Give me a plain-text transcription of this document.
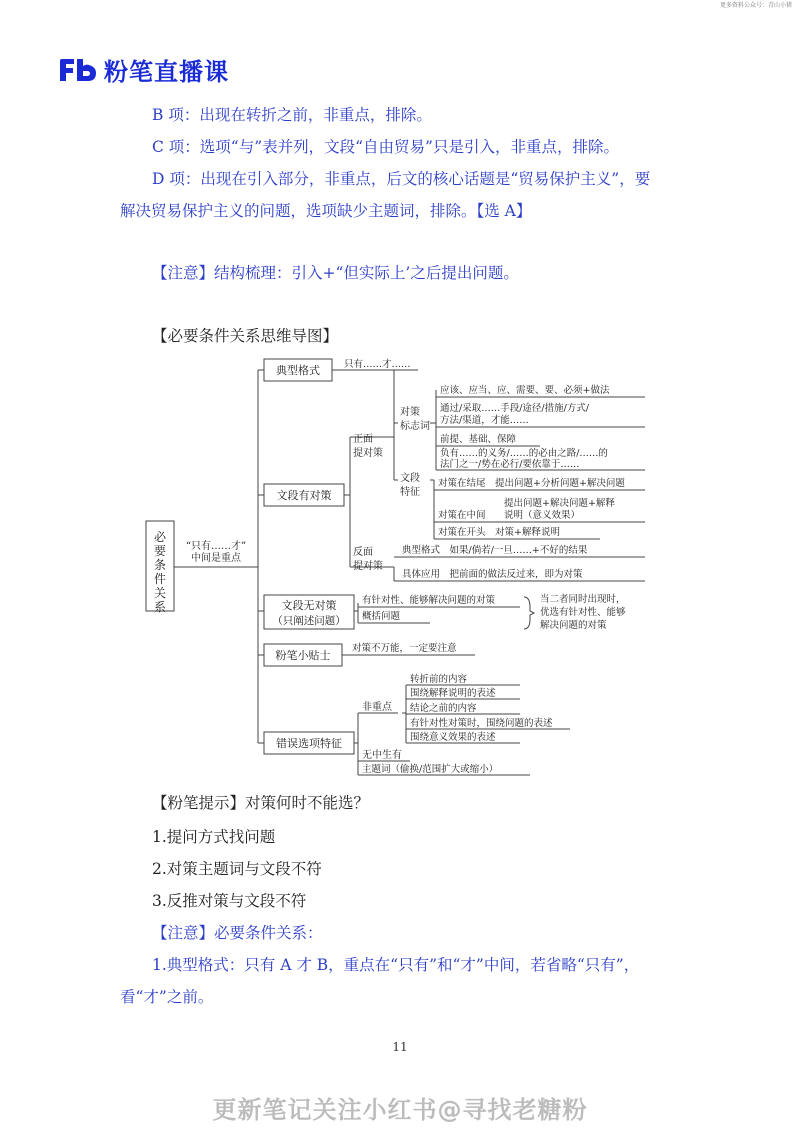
更多资料公众号：青山小猪
粉笔直播课
B 项：出现在转折之前，非重点，排除。
C 项：选项“与”表并列，文段“自由贸易”只是引入，非重点，排除。
D 项：出现在引入部分，非重点，后文的核心话题是“贸易保护主义”，要
解决贸易保护主义的问题，选项缺少主题词，排除。【选 A】
【注意】结构梳理：引入+“但实际上’之后提出问题。
【必要条件关系思维导图】
必
要
条
件
关
系
“只有……才”
中间是重点
典型格式	只有……才……
文段有对策
文段无对策
（只阐述问题）
粉笔小贴士
错误选项特征
正面
提对策
对策
标志词
应该、应当、应、需要、要、必须+做法
通过/采取……手段/途径/措施/方式/
方法/渠道，才能……
前提、基础、保障
负有……的义务/……的必由之路/……的
法门之一/势在必行/要依靠于……
文段
特征
对策在结尾　提出问题+分析问题+解决问题
对策在中间
提出问题+解决问题+解释
说明（意义效果）
对策在开头　对策+解释说明
反面
提对策
典型格式　如果/倘若/一旦……+不好的结果
具体应用　把前面的做法反过来，即为对策
有针对性、能够解决问题的对策
概括问题
当二者同时出现时，
优选有针对性、能够
解决问题的对策
对策不万能，一定要注意
非重点
转折前的内容
围绕解释说明的表述
结论之前的内容
有针对性对策时，围绕问题的表述
围绕意义效果的表述
无中生有
主题词（偷换/范围扩大或缩小）
【粉笔提示】对策何时不能选？
1.提问方式找问题
2.对策主题词与文段不符
3.反推对策与文段不符
【注意】必要条件关系：
1.典型格式：只有 A 才 B，重点在“只有”和“才”中间，若省略“只有”，
看“才”之前。
11
更新笔记关注小红书@寻找老糖粉
